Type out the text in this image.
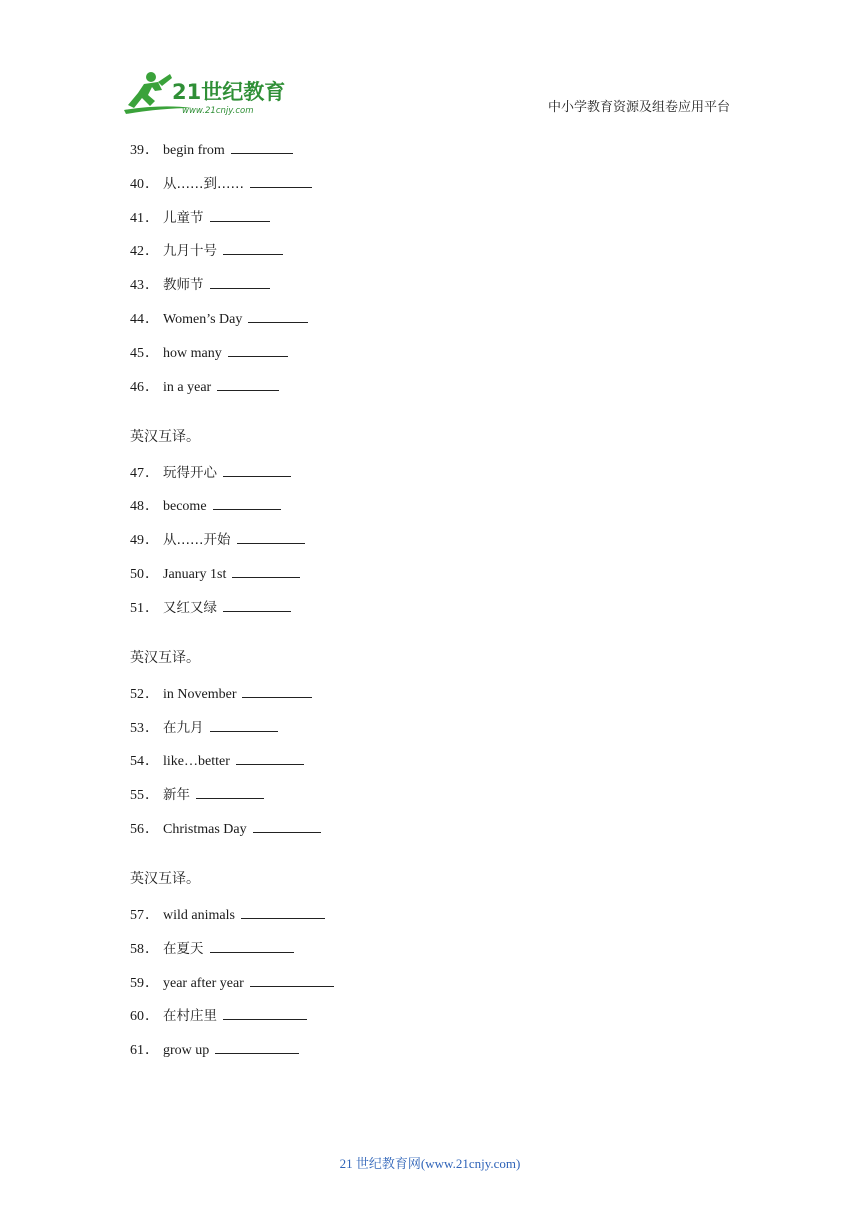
21世纪教育
www.21cnjy.com	中小学教育资源及组卷应用平台
39． begin from
40． 从……到……
41． 儿童节
42． 九月十号
43． 教师节
44． Women’s Day
45． how many
46． in a year
英汉互译。
47． 玩得开心
48． become
49． 从……开始
50． January 1st
51． 又红又绿
英汉互译。
52． in November
53． 在九月
54． like…better
55． 新年
56． Christmas Day
英汉互译。
57． wild animals
58． 在夏天
59． year after year
60． 在村庄里
61． grow up
21 世纪教育网(www.21cnjy.com)
